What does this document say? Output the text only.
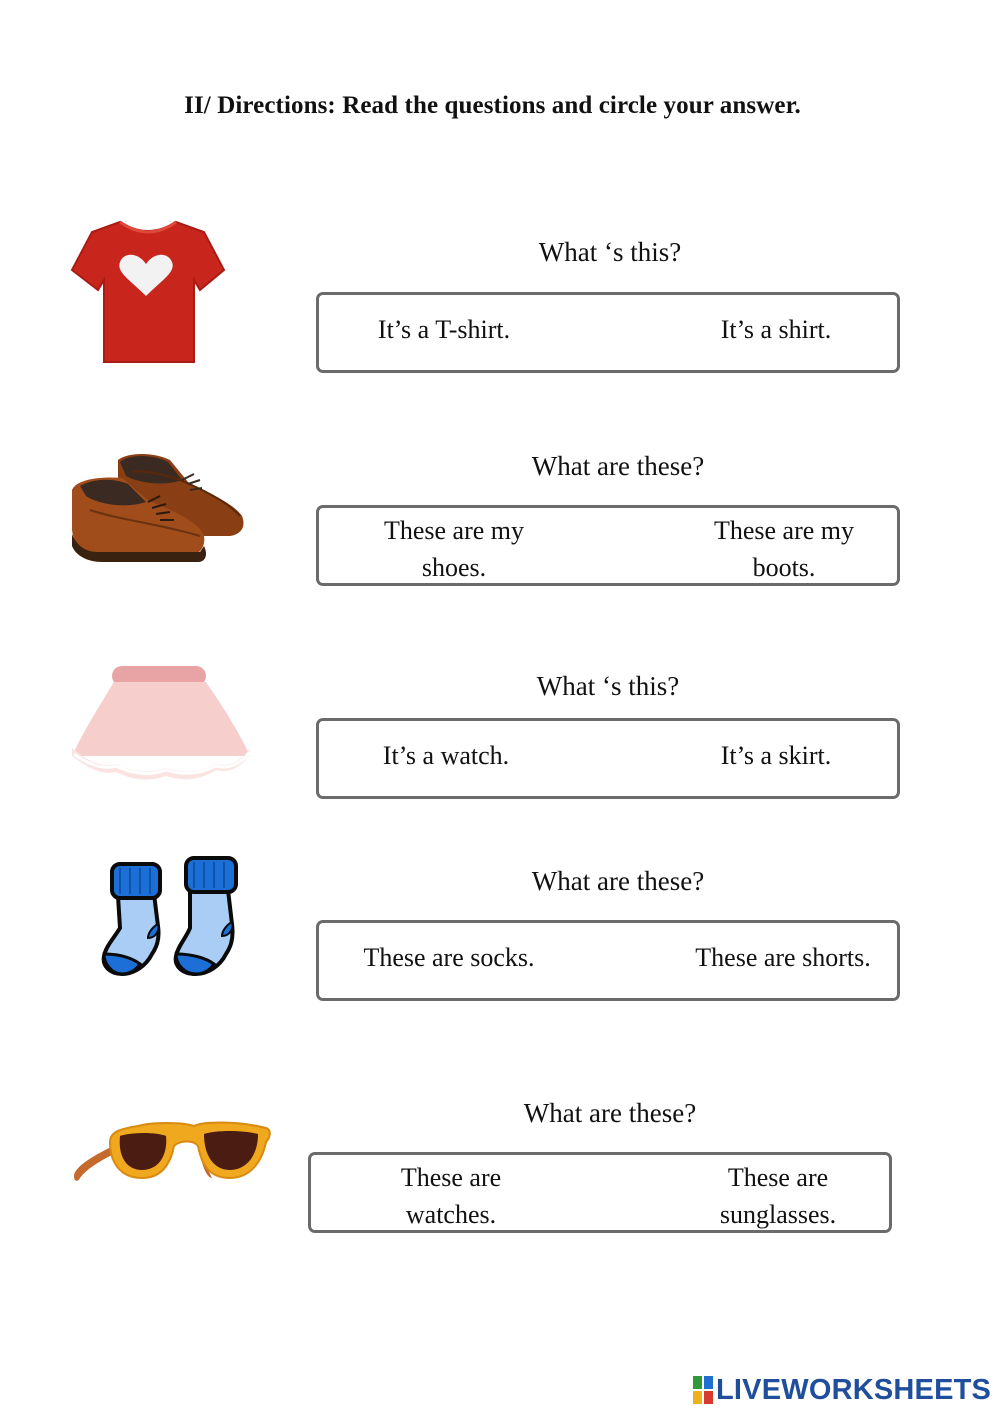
II/ Directions: Read the questions and circle your answer.
What ‘s this?
It’s a T-shirt.	It’s a shirt.
What are these?
These are my shoes.
These are my boots.
What ‘s this?
It’s a watch.	It’s a skirt.
What are these?
These are socks.	These are shorts.
What are these?
These are watches.
These are sunglasses.
LIVEWORKSHEETS
